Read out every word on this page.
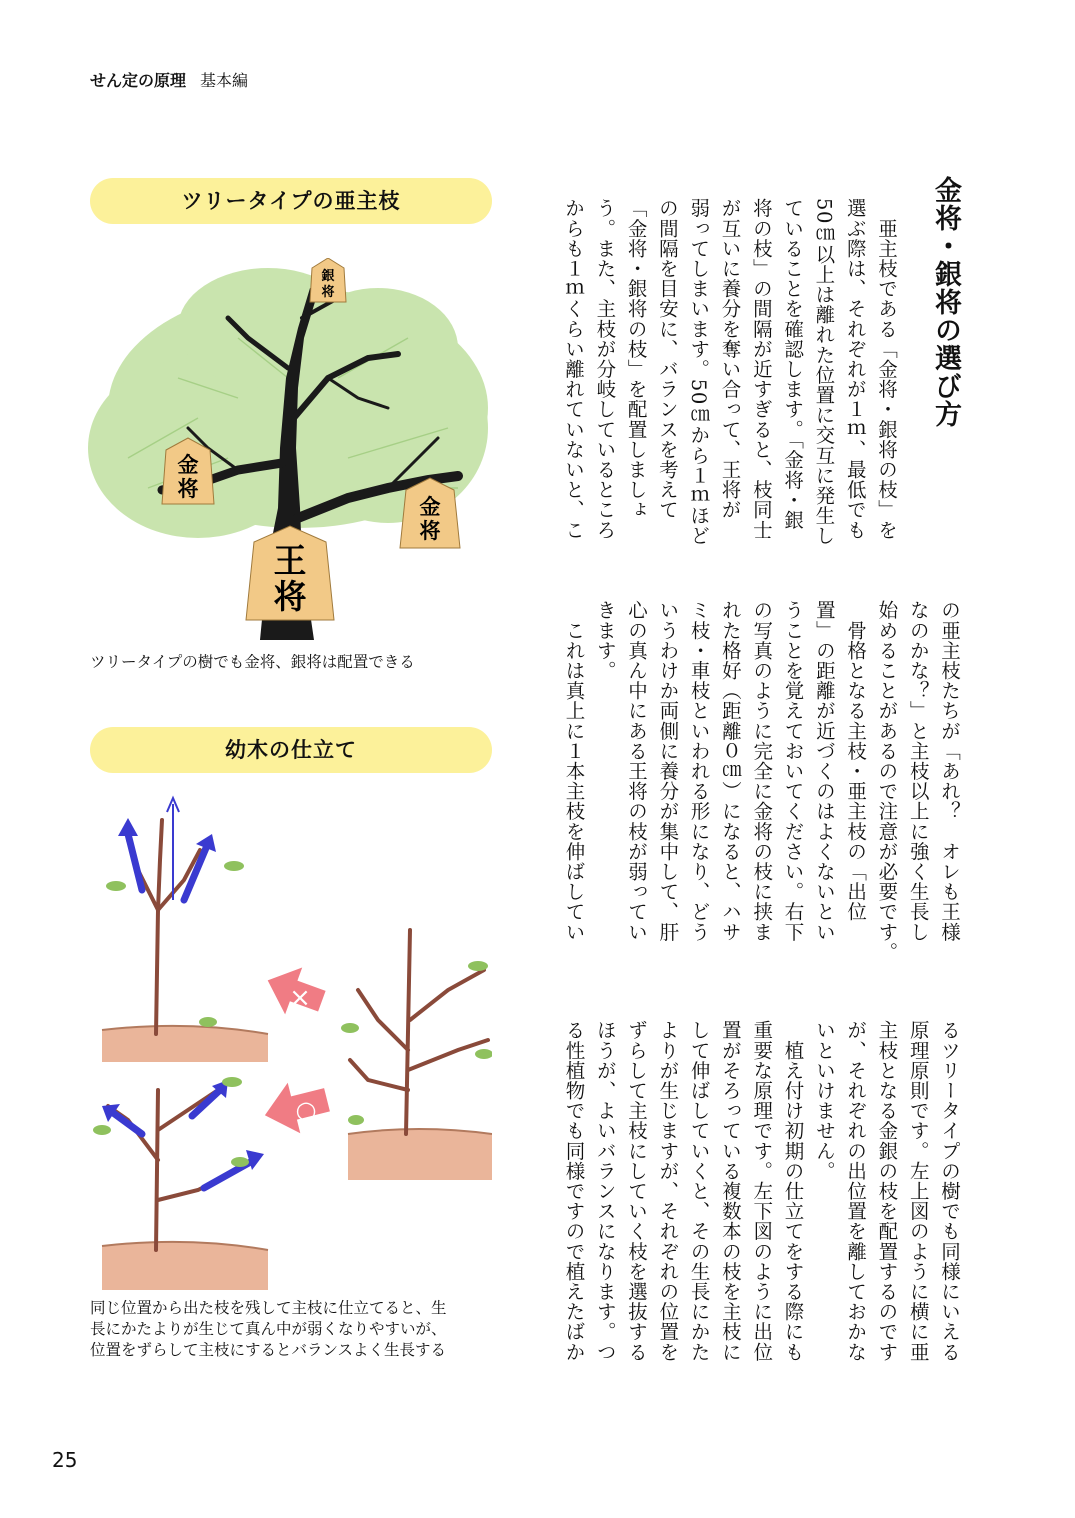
せん定の原理 基本編
ツリータイプの亜主枝
銀
将
金
将
金
将
王
将
ツリータイプの樹でも金将、銀将は配置できる
幼木の仕立て
×
○
同じ位置から出た枝を残して主枝に仕立てると、生
長にかたよりが生じて真ん中が弱くなりやすいが、
位置をずらして主枝にするとバランスよく生長する
金将・銀将の選び方
　亜主枝である「金将・銀将の枝」を
選ぶ際は、それぞれが１ｍ、最低でも
50㎝以上は離れた位置に交互に発生し
ていることを確認します。「金将・銀
将の枝」の間隔が近すぎると、枝同士
が互いに養分を奪い合って、王将が
弱ってしまいます。50㎝から１ｍほど
の間隔を目安に、バランスを考えて
「金将・銀将の枝」を配置しましょ
う。また、主枝が分岐しているところ
からも１ｍくらい離れていないと、こ
の亜主枝たちが「あれ？　オレも王様
なのかな？」と主枝以上に強く生長し
始めることがあるので注意が必要です。
　骨格となる主枝・亜主枝の「出位
置」の距離が近づくのはよくないとい
うことを覚えておいてください。右下
の写真のように完全に金将の枝に挟ま
れた格好（距離０㎝）になると、ハサ
ミ枝・車枝といわれる形になり、どう
いうわけか両側に養分が集中して、肝
心の真ん中にある王将の枝が弱ってい
きます。
　これは真上に１本主枝を伸ばしてい
るツリータイプの樹でも同様にいえる
原理原則です。左上図のように横に亜
主枝となる金銀の枝を配置するのです
が、それぞれの出位置を離しておかな
いといけません。
　植え付け初期の仕立てをする際にも
重要な原理です。左下図のように出位
置がそろっている複数本の枝を主枝に
して伸ばしていくと、その生長にかた
よりが生じますが、それぞれの位置を
ずらして主枝にしていく枝を選抜する
ほうが、よいバランスになります。つ
る性植物でも同様ですので植えたばか
25
